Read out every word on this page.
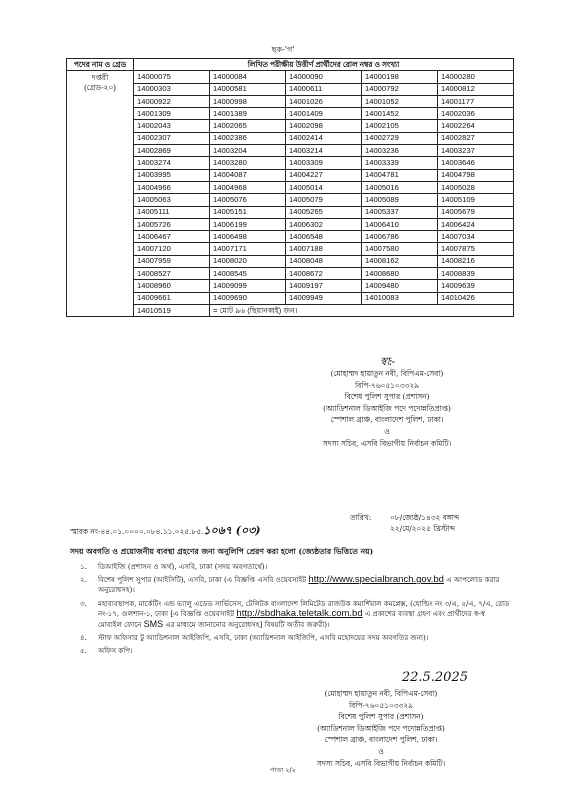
ছক-'গ'
পদের নাম ও গ্রেড	লিখিত পরীক্ষীয় উত্তীর্ণ প্রার্থীদের রোল নম্বর ও সংখ্যা				

দপ্তরী
(গ্রেড-২০)	14000075	14000084	14000090	14000198	14000280
	14000303	14000581	14000611	14000792	14000812
	14000922	14000998	14001026	14001052	14001177
	14001309	14001389	14001409	14001452	14002036
	14002043	14002065	14002098	14002105	14002264
	14002307	14002386	14002414	14002729	14002827
	14002869	14003204	14003214	14003236	14003237
	14003274	14003280	14003309	14003339	14003646
	14003995	14004087	14004227	14004781	14004798
	14004966	14004968	14005014	14005016	14005028
	14005063	14005076	14005079	14005089	14005109
	14005111	14005151	14005265	14005337	14005679
	14005726	14006199	14006302	14006410	14006424
	14006467	14006498	14006548	14006786	14007034
	14007120	14007171	14007188	14007580	14007875
	14007959	14008020	14008048	14008162	14008216
	14008527	14008545	14008672	14008680	14008839
	14008960	14009099	14009197	14009480	14009639
	14009661	14009690	14009949	14010083	14010426
	14010519	= মোট ৯৬ (ছিয়ানব্বই) জন।			
স্বা:-
(মোহাম্মদ হায়াতুন নবী, বিপিএম-সেবা)
বিপি-৭৬০৫১০৩৩২৯
বিশেষ পুলিশ সুপার (প্রশাসন)
(অ্যাডিশনাল ডিআইজি পদে পদোন্নতিপ্রাপ্ত)
স্পেশাল ব্রাঞ্চ, বাংলাদেশ পুলিশ, ঢাকা।
ও
সদস্য সচিব, এসবি বিভাগীয় নির্বাচন কমিটি।
স্মারক নং-৪৪.০১.০০০০.০৮৪.১১.০২৫.৮৫.১০৬৭ (০৩)
তারিখ:	০৮/জ্যেষ্ঠ/১৪৩২ বঙ্গাব্দ
২২/মে/২০২৫ খ্রিস্টাব্দ
সদয় অবগতি ও প্রয়োজনীয় ব্যবস্থা গ্রহণের জন্য অনুলিপি প্রেরণ করা হলো (জ্যেষ্ঠতার ভিত্তিতে নয়)
১.	ডিআইজি (প্রশাসন ও অর্থ), এসবি, ঢাকা (সদয় অবগতার্থে)।
২.	বিশেষ পুলিশ সুপার (আইসিটি), এসবি, ঢাকা (এ বিজ্ঞপ্তি এসবি ওয়েবসাইট http://www.specialbranch.gov.bd এ আপলোড করার অনুরোধসহ)।
৩.	মহাব্যবস্থাপক, মার্কেটিং এন্ড ভ্যালু এডেড সার্ভিসেস, টেলিটক বাংলাদেশ লিমিটেড রাজউক কমার্শিয়াল কমপ্লেক্স, (হোল্ডিং নং ৩/এ, ৫/এ, ৭/এ, রোড নং-১৭, গুলশান-১, ঢাকা [এ বিজ্ঞপ্তি ওয়েবসাইট http://sbdhaka.teletalk.com.bd এ প্রকাশের ব্যবস্থা গ্রহণ এবং প্রার্থীদের স্ব-স্ব মোবাইল ফোনে SMS এর মাধ্যমে জানানোর অনুরোধসহ] বিষয়টি অতীব জরুরী)।
৪.	স্টাফ অফিসার টু অ্যাডিশনাল আইজিপি, এসবি, ঢাকা (অ্যাডিশনাল আইজিপি, এসবি মহোদয়ের সদয় অবগতির জন্য)।
৫.	অফিস কপি।
22.5.2025
(মোহাম্মদ হায়াতুন নবী, বিপিএম-সেবা)
বিপি-৭৬০৫১০৩৩২৯
বিশেষ পুলিশ সুপার (প্রশাসন)
(অ্যাডিশনাল ডিআইজি পদে পদোন্নতিপ্রাপ্ত)
স্পেশাল ব্রাঞ্চ, বাংলাদেশ পুলিশ, ঢাকা।
ও
সদস্য সচিব, এসবি বিভাগীয় নির্বাচন কমিটি।
পাতা ২/২
